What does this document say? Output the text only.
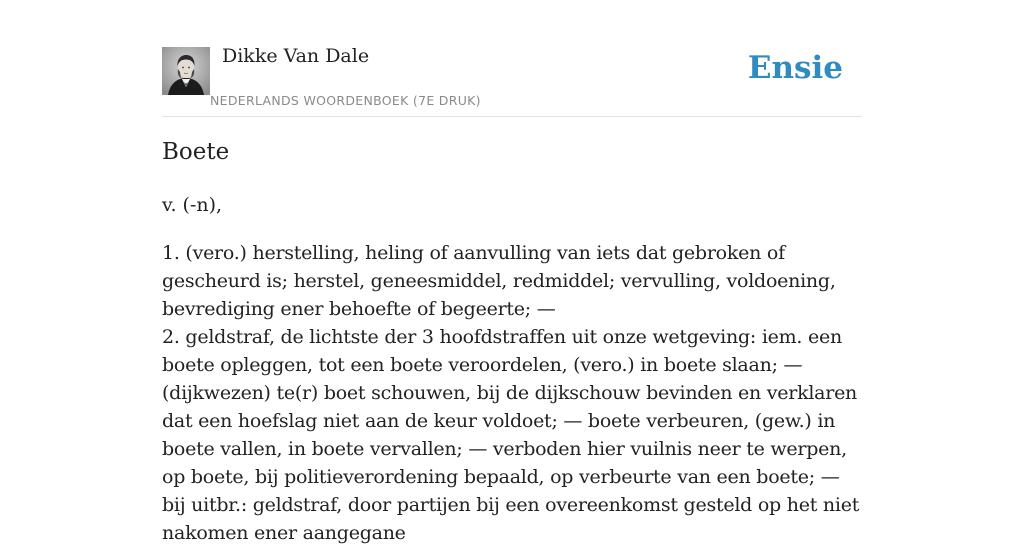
Dikke Van Dale
NEDERLANDS WOORDENBOEK (7E DRUK)
Ensie
Boete
v. (-n),
1. (vero.) herstelling, heling of aanvulling van iets dat gebroken of gescheurd is; herstel, geneesmiddel, redmiddel; vervulling, voldoening, bevrediging ener behoefte of begeerte; —
2. geldstraf, de lichtste der 3 hoofdstraffen uit onze wetgeving: iem. een boete opleggen, tot een boete veroordelen, (vero.) in boete slaan; — (dijkwezen) te(r) boet schouwen, bij de dijkschouw bevinden en verklaren dat een hoefslag niet aan de keur voldoet; — boete verbeuren, (gew.) in boete vallen, in boete vervallen; — verboden hier vuilnis neer te werpen, op boete, bij politieverordening bepaald, op verbeurte van een boete; — bij uitbr.: geldstraf, door partijen bij een overeenkomst gesteld op het niet nakomen ener aangegane
